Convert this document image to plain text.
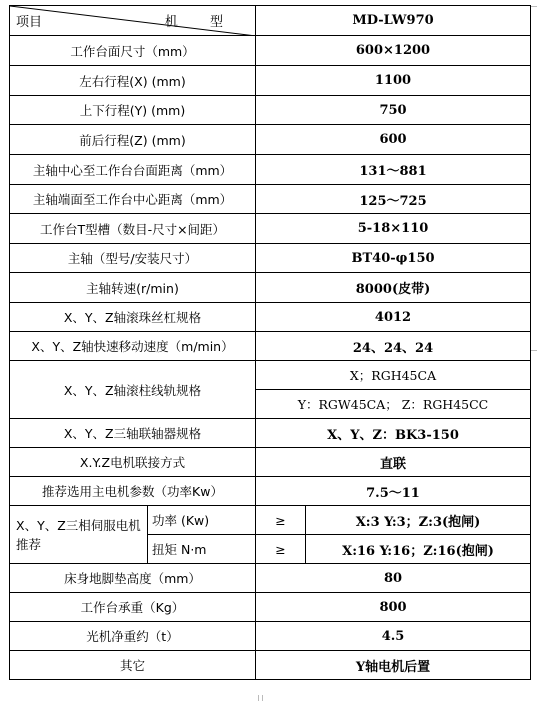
项目 机 型		MD-LW970	
工作台面尺寸（mm）		600×1200	
左右行程(X) (mm)		1100	
上下行程(Y) (mm)		750	
前后行程(Z) (mm)		600	
主轴中心至工作台台面距离（mm）		131～881	
主轴端面至工作台中心距离（mm）		125～725	
工作台T型槽（数目-尺寸×间距）		5-18×110	
主轴（型号/安装尺寸）		BT40-φ150	
主轴转速(r/min)		8000(皮带)	
X、Y、Z轴滚珠丝杠规格		4012	
X、Y、Z轴快速移动速度（m/min）		24、24、24	
X、Y、Z轴滚柱线轨规格		X；RGH45CA	
		Y：RGW45CA； Z：RGH45CC	
X、Y、Z三轴联轴器规格		X、Y、Z：BK3-150	
X.Y.Z电机联接方式		直联	
推荐选用主电机参数（功率Kw）		7.5～11	
X、Y、Z三相伺服电机推荐	功率 (Kw)	≥	X:3 Y:3；Z:3(抱闸)
	扭矩 N·m	≥	X:16 Y:16；Z:16(抱闸)
床身地脚垫高度（mm）		80	
工作台承重（Kg）		800	
光机净重约（t）		4.5	
其它		Y轴电机后置	
